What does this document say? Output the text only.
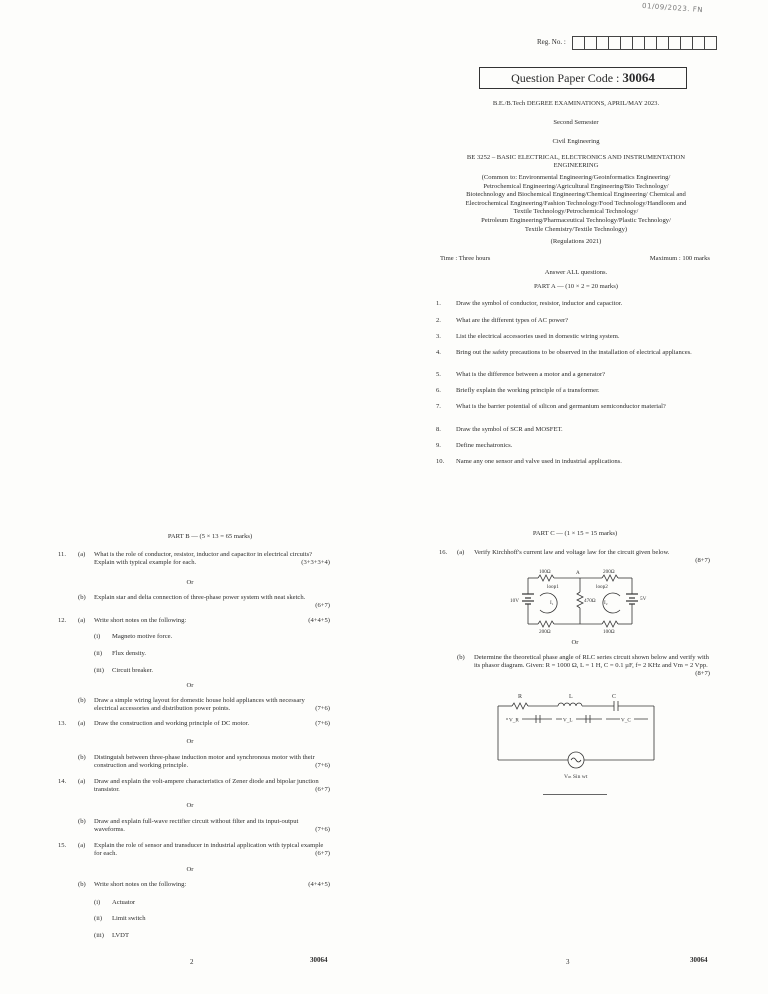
01/09/2023. FN
Reg. No. :
Question Paper Code : 30064
B.E./B.Tech DEGREE EXAMINATIONS, APRIL/MAY 2023.
Second Semester
Civil Engineering
BE 3252 – BASIC ELECTRICAL, ELECTRONICS AND INSTRUMENTATION
ENGINEERING
(Common to: Environmental Engineering/Geoinformatics Engineering/
Petrochemical Engineering/Agricultural Engineering/Bio Technology/
Biotechnology and Biochemical Engineering/Chemical Engineering/ Chemical and
Electrochemical Engineering/Fashion Technology/Food Technology/Handloom and
Textile Technology/Petrochemical Technology/
Petroleum Engineering/Pharmaceutical Technology/Plastic Technology/
Textile Chemistry/Textile Technology)
(Regulations 2021)
Time : Three hours	Maximum : 100 marks
Answer ALL questions.
PART A — (10 × 2 = 20 marks)
1.	Draw the symbol of conductor, resistor, inductor and capacitor.
2.	What are the different types of AC power?
3.	List the electrical accessories used in domestic wiring system.
4.	Bring out the safety precautions to be observed in the installation of electrical appliances.
5.	What is the difference between a motor and a generator?
6.	Briefly explain the working principle of a transformer.
7.	What is the barrier potential of silicon and germanium semiconductor material?
8.	Draw the symbol of SCR and MOSFET.
9.	Define mechatronics.
10.	Name any one sensor and valve used in industrial applications.
PART B — (5 × 13 = 65 marks)
11. (a) What is the role of conductor, resistor, inductor and capacitor in electrical circuits? Explain with typical example for each.	(3+3+3+4)
Or
(b) Explain star and delta connection of three-phase power system with neat sketch.
(6+7)
12. (a) Write short notes on the following:	(4+4+5)
(i) Magneto motive force.
(ii) Flux density.
(iii) Circuit breaker.
Or
(b) Draw a simple wiring layout for domestic house hold appliances with necessary electrical accessories and distribution power points.	(7+6)
13. (a) Draw the construction and working principle of DC motor.	(7+6)
Or
(b) Distinguish between three-phase induction motor and synchronous motor with their construction and working principle.	(7+6)
14. (a) Draw and explain the volt-ampere characteristics of Zener diode and bipolar junction transistor.	(6+7)
Or
(b) Draw and explain full-wave rectifier circuit without filter and its input-output waveforms.	(7+6)
15. (a) Explain the role of sensor and transducer in industrial application with typical example for each.	(6+7)
Or
(b) Write short notes on the following:	(4+4+5)
(i) Actuator
(ii) Limit switch
(iii) LVDT
2	30064
PART C — (1 × 15 = 15 marks)
16. (a) Verify Kirchhoff's current law and voltage law for the circuit given below.
(8+7)
100Ω	A	200Ω
loop1	loop2
470Ω
10V	5V
I₁	I₂
200Ω	100Ω
Or
(b) Determine the theoretical phase angle of RLC series circuit shown below and verify with its phasor diagram. Given: R = 1000 Ω, L = 1 H, C = 0.1 µF, f= 2 KHz and Vm = 2 Vpp.
(8+7)
R	L	C
V_R	V_L	V_C
Vₘ Sin wt
3	30064
